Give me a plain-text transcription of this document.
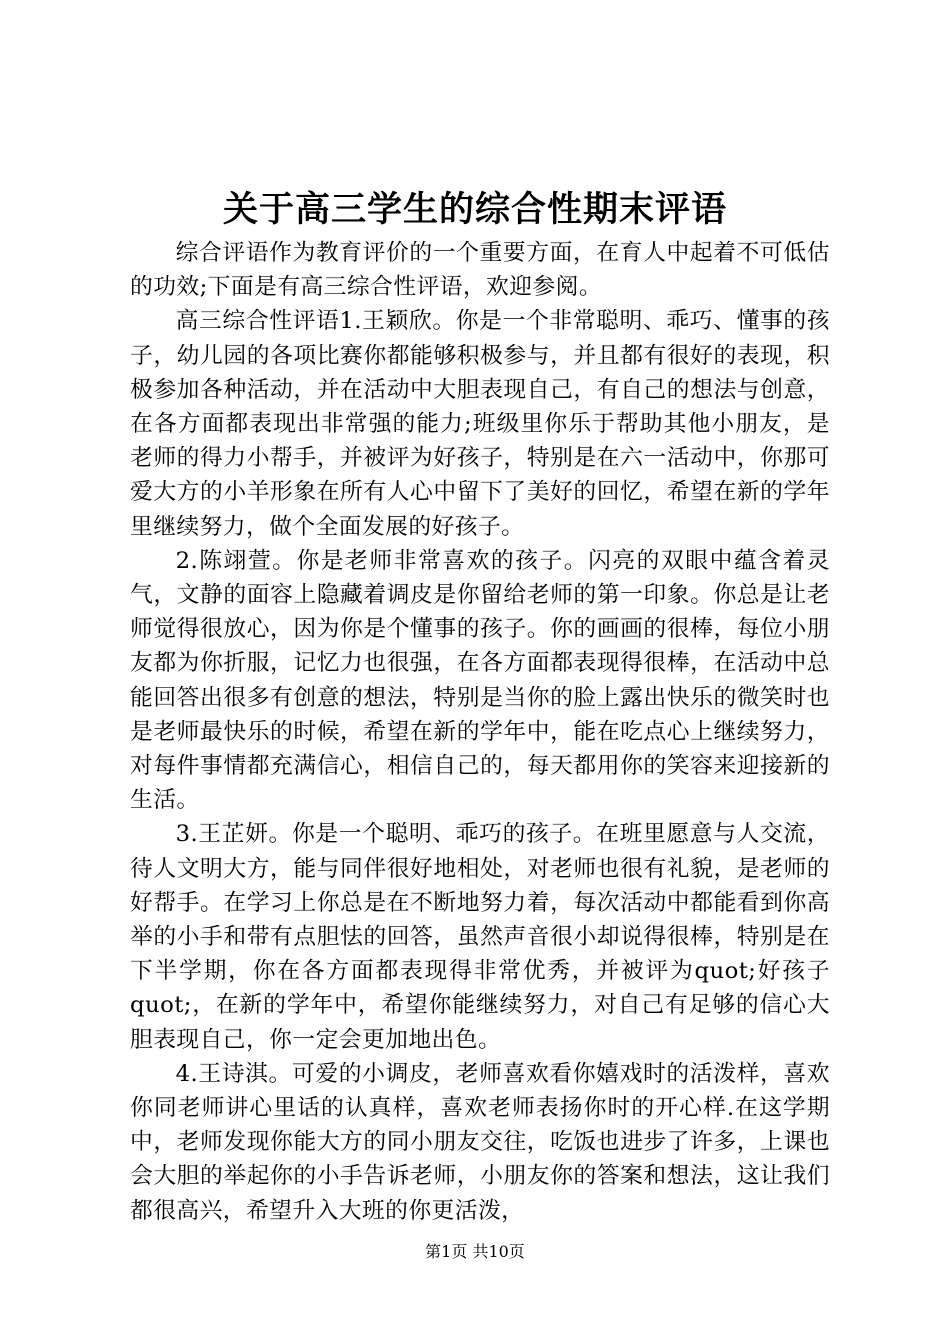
关于高三学生的综合性期末评语

综合评语作为教育评价的一个重要方面，在育人中起着不可低估的功效;下面是有高三综合性评语，欢迎参阅。

高三综合性评语1.王颖欣。你是一个非常聪明、乖巧、懂事的孩子，幼儿园的各项比赛你都能够积极参与，并且都有很好的表现，积极参加各种活动，并在活动中大胆表现自己，有自己的想法与创意，在各方面都表现出非常强的能力;班级里你乐于帮助其他小朋友，是老师的得力小帮手，并被评为好孩子，特别是在六一活动中，你那可爱大方的小羊形象在所有人心中留下了美好的回忆，希望在新的学年里继续努力，做个全面发展的好孩子。

2.陈翊萱。你是老师非常喜欢的孩子。闪亮的双眼中蕴含着灵气，文静的面容上隐藏着调皮是你留给老师的第一印象。你总是让老师觉得很放心，因为你是个懂事的孩子。你的画画的很棒，每位小朋友都为你折服，记忆力也很强，在各方面都表现得很棒，在活动中总能回答出很多有创意的想法，特别是当你的脸上露出快乐的微笑时也是老师最快乐的时候，希望在新的学年中，能在吃点心上继续努力，对每件事情都充满信心，相信自己的，每天都用你的笑容来迎接新的生活。

3.王芷妍。你是一个聪明、乖巧的孩子。在班里愿意与人交流，待人文明大方，能与同伴很好地相处，对老师也很有礼貌，是老师的好帮手。在学习上你总是在不断地努力着，每次活动中都能看到你高举的小手和带有点胆怯的回答，虽然声音很小却说得很棒，特别是在下半学期，你在各方面都表现得非常优秀，并被评为quot;好孩子quot;，在新的学年中，希望你能继续努力，对自己有足够的信心大胆表现自己，你一定会更加地出色。

4.王诗淇。可爱的小调皮，老师喜欢看你嬉戏时的活泼样，喜欢你同老师讲心里话的认真样，喜欢老师表扬你时的开心样.在这学期中，老师发现你能大方的同小朋友交往，吃饭也进步了许多，上课也会大胆的举起你的小手告诉老师，小朋友你的答案和想法，这让我们都很高兴，希望升入大班的你更活泼，

第1页 共10页
